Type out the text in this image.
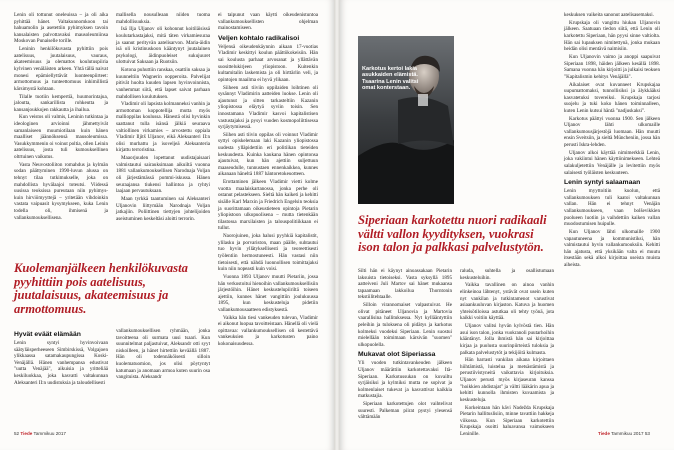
Lenin oli tottunut oneleuissa – ja oli aika pyhittää hänet. Valtakunnomkoon tai hahuamolin ja asetettiin pyhimyksen tavoin kansalaisten palvottavaksi mausoleumiinsa Moskovan Punaiselle torille.

Leninin henkilökuvasta pyhittiin pois aatelisuus, juutalaisuus, vauraus, akateemisuus ja olemattos koulutuspiiria kylvinen venäläisten arkeen. Yhtä tällä naivat monesi epämiellyttävät luonteenpiirteet: armottomuus ja tunteettomuus inhimillistä kärsimystä kohtaan.

Tilalle tuotiin kempertiä, huumorintajua, jalouttа, sankarillista rohkeutta ja kansanjoukkojen rakkautta ja ihailua.

Kun veistos oli valmis, Leninin tutkintaa ja ideologinen arvioinni jähmettyivät samanlaiseen muumiotilaan kuin hänen maalliset jäännöksensä mausoleumissa. Vasukkymmenin oi voinut poltia, ollen Leinin aatelisuus, josta tuli kumouksellinen oltrtuinen vaikutus.

Vasta Neuvostoliiton romahdus ja kylmän sodan päättyminen 1990-luvun alussa on tehnyt tilaa tutkimukselle, joka on mahdollista hyvälaajoi toteutsi. Viidessä uusissa teoksissa pureutaan niin pyhimys- kuin hirviömyyttejä – yritetään vihdoinkin vastata vaipuasit kysymykseen, kuka Lenin todella oli, ihmisenä ja vallankumouksellisena.

mallisella nousulleaan niiden tuoma mahdollisuuksia.

Isä Ilja Uljanov oli kohonnut koitiläisissä koulutarkastajaksi, mitä täten virkamiesuraa ja saanut perityvän aatelisarvon. Maria-äidin isä oli kristinuskoon kääntynyt juutalainen psykologi, äidinpuoleiset sukujuuret ulottuivat Saksaan ja Ruotsiin.

Kotona puhuttiin ranskaa, osattiin saksaa ja kuunneltiin Wagnerin oopperoita. Palvelijat pitivät huolta kuuden lapsen hyvinvoinnista, vanhemmat siitä, että lapset saivat parhaan mahdollisen koulutuksen.

Vladimir oli lapsista kolmanneksi vanhin ja armottoman koppotellija mutta myös mallioppilas koulussa. Hänestä olisi hyvinkin saattanut tulla isänsä jälkiä seuraava valtiollinen virkamies – arvostettu oppiala Vladimir Iljitš Uljanov, eikä Aleksanteri II:n olisi murhattu ja isoveljeä Aleksanteria kirjattu terroristina.

Maaorjuuden lopettanut uudistajaisaari valmistautui sairauksimaan aikuiltä vuonna 1881 vallankumouksellisen Narodnaja Voljan oli järjestämässä pommi-iskussa. Hänen seuraajansa tiukensi hallintoa ja ryhtyi laajaan pervautuksaan.

Maan tyrkkä taantuminen sai Aleksanteri Uljanovin liittymään Narodnaja Voljan jatkajiin. Poliittinen tiettyjen johtelijoiden aseistuminen keskeltäsi aloitti terrorin.

Kuolemanjälkeen henkilökuvasta pyyhittiin pois aatelisuus, juutalaisuus, akateemisuus ja armottomuus.
Hyvät eväät elämään

Lenin syntyi hyvinvoivaan säätyläisperheeseen Simbirskissä, Volgajoen ylikkaassa satamakaupungissa Koski-Venäjällä. Hänen vanhempansa edustivat "uutta Venäjää", aikuisia ja yritteliää keskiluokkaa, joka kasvatti valtakunnan Aleksanteri II:n uudistuksia ja taloudellisesti

vallankumouksellisen ryhmään, jonka tavoitteena oli surmata uusi tsaari. Kun suunnitelmat paljastuivat, Aleksandr otti syyt niskoilleen, ja hänet hirtettiin keväällä 1887. Hän oli todennäköisesti silloin kuolematuomion, jos olisi pöytyntyt katumaan ja anomaan armoa kuten suurin osa vangituista. Aleksandr

ei taipunut vaan käytti oikeudenistuntoa vallankumouksellisten ohjelman mainostamiseen.

Veljen kohtalo radikalisoi

Veljensä oikeudenkäynnin aikaan 17-vuotias Vladimir keskittyi koulun päättökokeisiin. Hän sai koulusta parhaat arvosanat ja yllättävän suosittelukirjeen yliopistoon. Kuitenkin kultamitalin laskemista ja oli hirttärlin veli, ja opintojen maailma ei hyvä ylikaan.

Siiheen asti tiiviin oppilaiden loihtinen oli sysännyt Vladimirin aatteiden luokse. Lenin oli ajautunut ja sitten tarkasteltiin Kazanin yliopistossa eläytyä syviin toisin. Sen innostamana Vladimir kasvoi kapitalistisen vastustajaksi ja pysyi vuoden kosmopoliittisessa syrjäytymisessä.

Siihen asti tiivin oppilas oli voinnut Vladimir syttyi opiskelemaan laki Kazanin yliopistossa uudesta ylläpidettiin eri politiikan tieteiden keskuudesta. Kuinka kaukana hänen opintonsa ajautuivat, kun hän ajettiin suljettuun maaseudulle, tunnustaen ennenkaikkea, kunnes aikanaan häneltä 1887 häntoretokeuotteen.

Erottaminen jälkeen Vladimir vietti kolme vuotta maalaiskartanossa, jonka perhe oli ostanut pelastekseen. Sieltä hän kaiketi ja kehitti sisälle Karl Marxin ja Friedrich Engelsin teoksia ja suorittamaan oikeustieteen opintoja Pietarin yliopistoon ulkopuolisena – mutta tietenkään tilastossa marxilaisten ja talouspolitiikkaan ei tullut.

Naorojuinen, joka halusi pyyhkiä kapitalistit, ylilasku ja porvariston, maan päälle, suhtautui tuo hyvin yllätyksellisesti ja teoreettisesti työlentiin hermostuneesti. Hän vastasi niin tietoisesti, että nähdä luonnollisen toimittajaksi kuin niin nopeasti kuin voisi.

Vuonna 1893 Uljanov muutti Pietariin, jossa hän verkostoitui hienoihin vallankumouksellisiin järjestöihin. Hänet keskustelupiiriltä toiseen ajettiin, kunnes hänet vangittiin joulukuussa 1895, kun keskusteluja pidetiin vallankumousaatteen edistyksestä.

Vaikka hän tiesi vankeuden tulevan, Vladimir ei aikonut luopua tavoitteistaan. Hänellä oli vielä opittavaa: vallankumouksellisen oli kestettävä vankeuksien ja karkotusten paino kokonaisuudessa.

52 Tiede Tammikuu 2017
Karkotus kertoi lakia asukkaiden elämistä. Tsaarina Lenin valitsi omat konterstaan.
Siperiaan karkotettu nuori radikaali vältti vallon kyydityksen, vuokrasi ison talon ja palkkasi palvelustytön.

Silti hän ei käynyt ainoassakaan Pietarin laksuista tietoiseksi. Vasta syksyllä 1895 aatteiveni Juli Martov sai hänet mukaansa tapaamaan lakkoilua Thorntonin tekstiilitehtaalle.

Silloin virannomaiset valpastuivat. He olivat pitäneet Uljanovia ja Martovia vaarallisina hallituksessa. Nyt kyllääntyttiin peleihin ja tuloksena oli pidätys ja karkotus kolmeksi vuodeksi Siperiaan. Lenin suostui mielellään toimimaan kärsivän "suomen" ulkopuolella.

Mukavat olot Siperiassa

Yli vuoden tutkintavankeuden jälkeen Uljanov määrättiin karkotettavaksi Itä-Siperiaan. Karkotussukan on kuvailtu syrjäisiksi ja kylmiksi mutta ne sopivat ja kolmenlaiset tukevat ja kasvattivat kaikkia matkustajia.

Siperiaan karkotettujen olot vaihtelivat suuresti. Palkeman piirat pystyi ylesensä välttämään

raluda, suhtella ja osallistumaan keskusteluihin.

Vaikka tavallinen on ainoa vanhin elinkeinoa lähtenyt, ystävät ovat usein kuten nyt vankilan ja tutkintamenot varustivat asiaankuuluvan kirjaston. Katuva ja huomen yhteisötiloissa astutkaa oli tehty työnä, jota kaikki voitiin käyttää.

Uljanov valitsi hyvän kylvöstä tien. Hän asui ison talon, jonka vuokranoli puutarhoihin kääntänyt. Jolla ihmistä hän sai kirjoittaa kirjaa ja puolusta suurinpiirteistä tuloksia ja palkata palvelustytöt ja tekijöitä kulmasta.

Hän harrasti vankilan aikana kirjoittaen hiihtämistä, luistelua ja metsästämistä ja perustiivistyneitä vaikuttavia kirjoituksia. Uljanov perusti myös kirjaseuran kanssa "hoikkien ahdistajat" ja vältti lääkärin apua ja kehitti kunnolla ihmisten kuvaamista ja keskusteluja.

Korkeintaan hän kävi Nadežda Krupskaja Pietarin hallituslisiin, minne tavattiin hakkeja viikossa. Kun Siperiaan karkotettiin Krupskaja osoitti haluavansa vaimokseen Leninille.

keskuksen vaikeita sanonut aatelisasemaksi.

Krupskaja oli vangittu hiukan Uljanovin jälkeen. Saatuaan tiedon siitä, että Lenin oli karkotettu Siperiaan, hän pyysi sinne valtiolta. Hän sai lupauksen nimitettynä, jonka mukaan heidän olisi mentävä naimisiin.

Kun Uljanovin vaimo ja anoppi saapuivat Siperiaan 1898, häiden jälkeen kesällä 1898. Samana vuonna hän kirjoitti ja julkaisi teoksen "Kapitalismin kehitys Venäjällä".

Aikalaiset ovat kuvanneet Krupskajaa uupumattomaksi, tunnollisiksi ja älykkääksi kasvatetuksi tovereiksi. Krupskaja tarjosi suojelu ja tuki koko hänen toiminnalleen, kuten Lenin kutsui häntä "nadjuskaksi".

Karkotus päättyi vuonna 1900. Sen jälkeen Uljanov lähti ulkomaille vallankumousjärjestöjä luomaan. Hän muutti ensin Sveitsiin, ja sieltä Müncheniin, jossa hän perusti Iskra-lehden.

Uljanov alkoi käyttää nimimerkkiä Lenin, joka vakiintui hänen käyttönimekseen. Lehteä salakuljetettiin Venäjälle ja levitettiin myös salaisesti työläisten keskuuteen.

Lenin syntyi salaamaan

Lenin myyttoitiin kuolun, että vallankumouksen tuli kaatoi valtakunnan vallan. Hän ei tehnyt Venäjän vallankumoukseen, vaan bolševikkien puolueen luotiin ja vaihdettiin kaiken vallan muodostumisen huipulle.

Kun Uljanov lähti ulkomaille 1900 vapautuneena ja kommunistiksi, hän valmistautui hyvin vallankumouksiin. Kehitti hän ajatusta, että yksikään valta ei muutu itsestään sekä alkoi kirjoittaa useista muista aiheista.

Tiede Tammikuu 2017 53
